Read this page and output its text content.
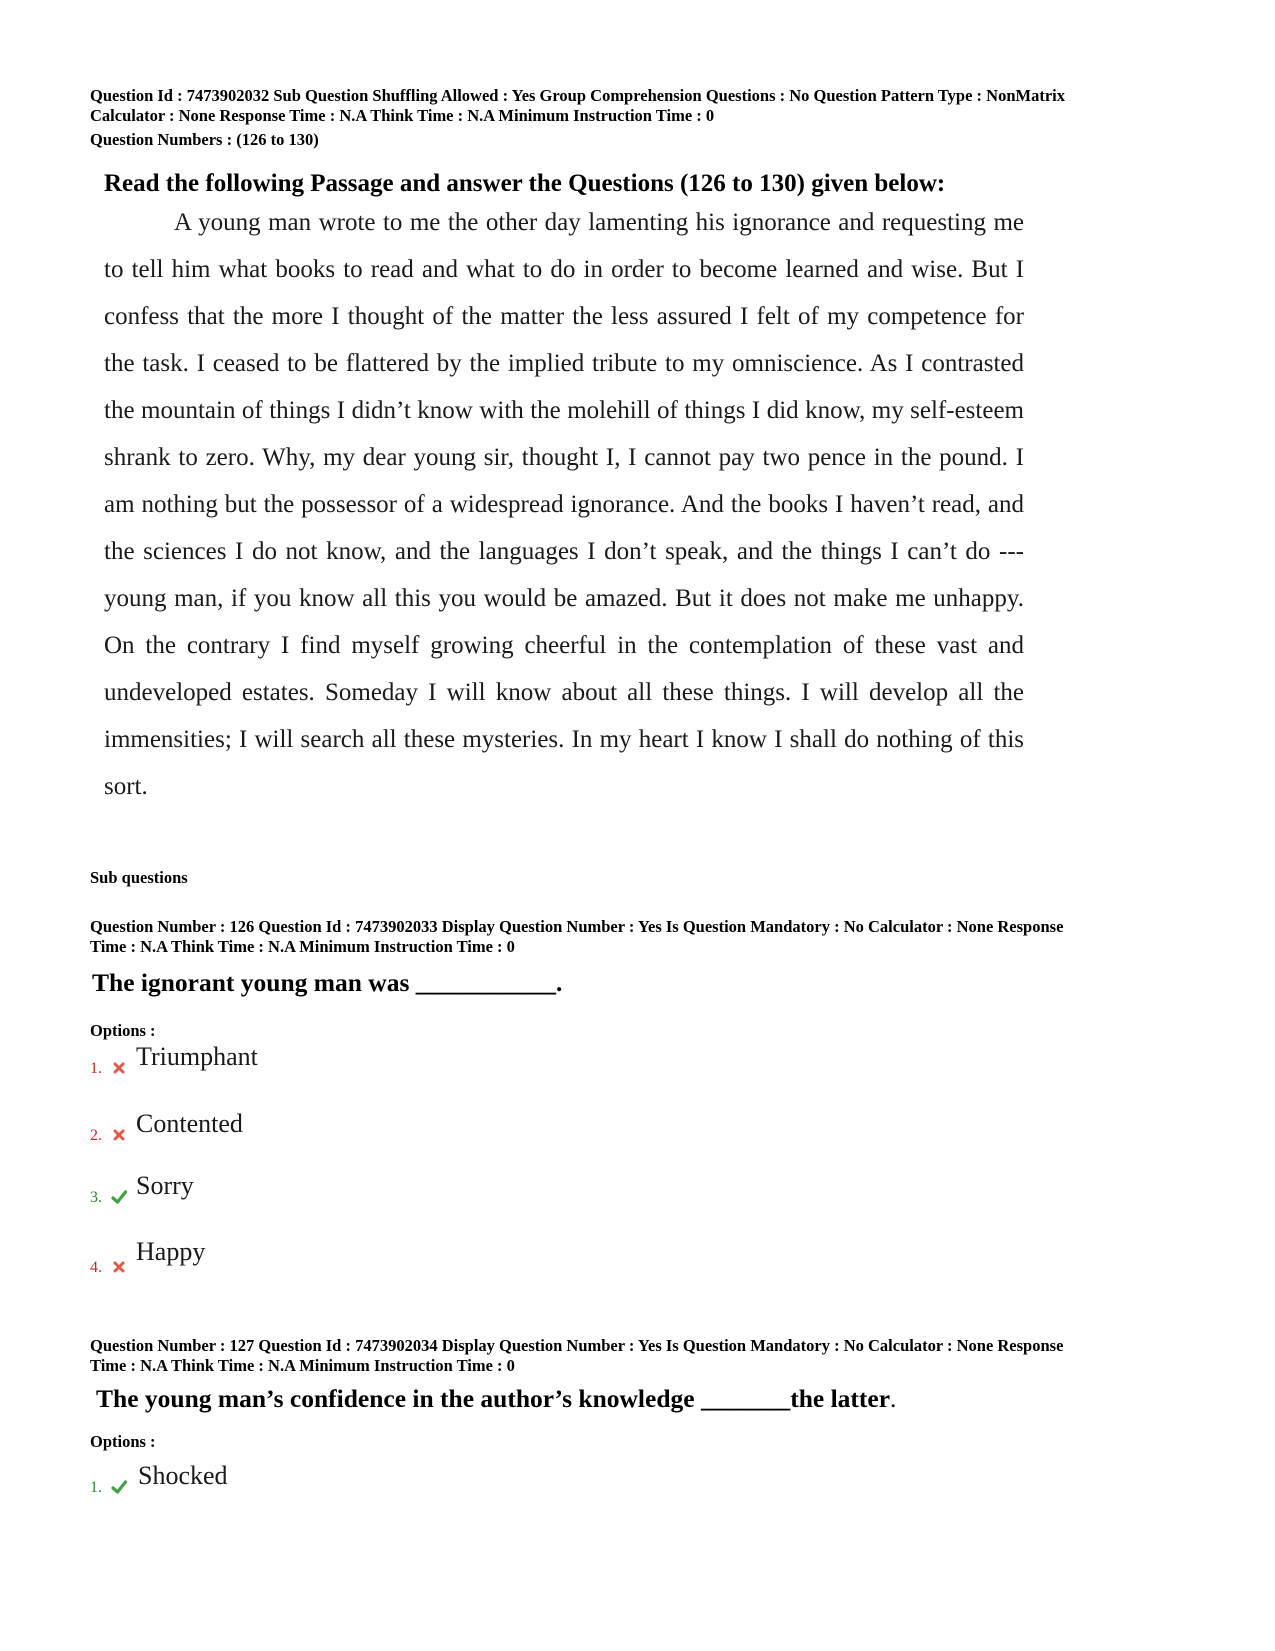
Question Id : 7473902032 Sub Question Shuffling Allowed : Yes Group Comprehension Questions : No Question Pattern Type : NonMatrix
Calculator : None Response Time : N.A Think Time : N.A Minimum Instruction Time : 0
Question Numbers : (126 to 130)
Read the following Passage and answer the Questions (126 to 130) given below:
A young man wrote to me the other day lamenting his ignorance and requesting me to tell him what books to read and what to do in order to become learned and wise. But I confess that the more I thought of the matter the less assured I felt of my competence for the task. I ceased to be flattered by the implied tribute to my omniscience. As I contrasted the mountain of things I didn’t know with the molehill of things I did know, my self-esteem shrank to zero. Why, my dear young sir, thought I, I cannot pay two pence in the pound. I am nothing but the possessor of a widespread ignorance. And the books I haven’t read, and the sciences I do not know, and the languages I don’t speak, and the things I can’t do ---young man, if you know all this you would be amazed. But it does not make me unhappy. On the contrary I find myself growing cheerful in the contemplation of these vast and undeveloped estates. Someday I will know about all these things. I will develop all the immensities; I will search all these mysteries. In my heart I know I shall do nothing of this sort.
Sub questions
Question Number : 126 Question Id : 7473902033 Display Question Number : Yes Is Question Mandatory : No Calculator : None Response
Time : N.A Think Time : N.A Minimum Instruction Time : 0
The ignorant young man was ___________.
Options :
1. Triumphant
2. Contented
3. Sorry
4.
Happy
Question Number : 127 Question Id : 7473902034 Display Question Number : Yes Is Question Mandatory : No Calculator : None Response
Time : N.A Think Time : N.A Minimum Instruction Time : 0
The young man’s confidence in the author’s knowledge _______the latter.
Options :
1. Shocked
